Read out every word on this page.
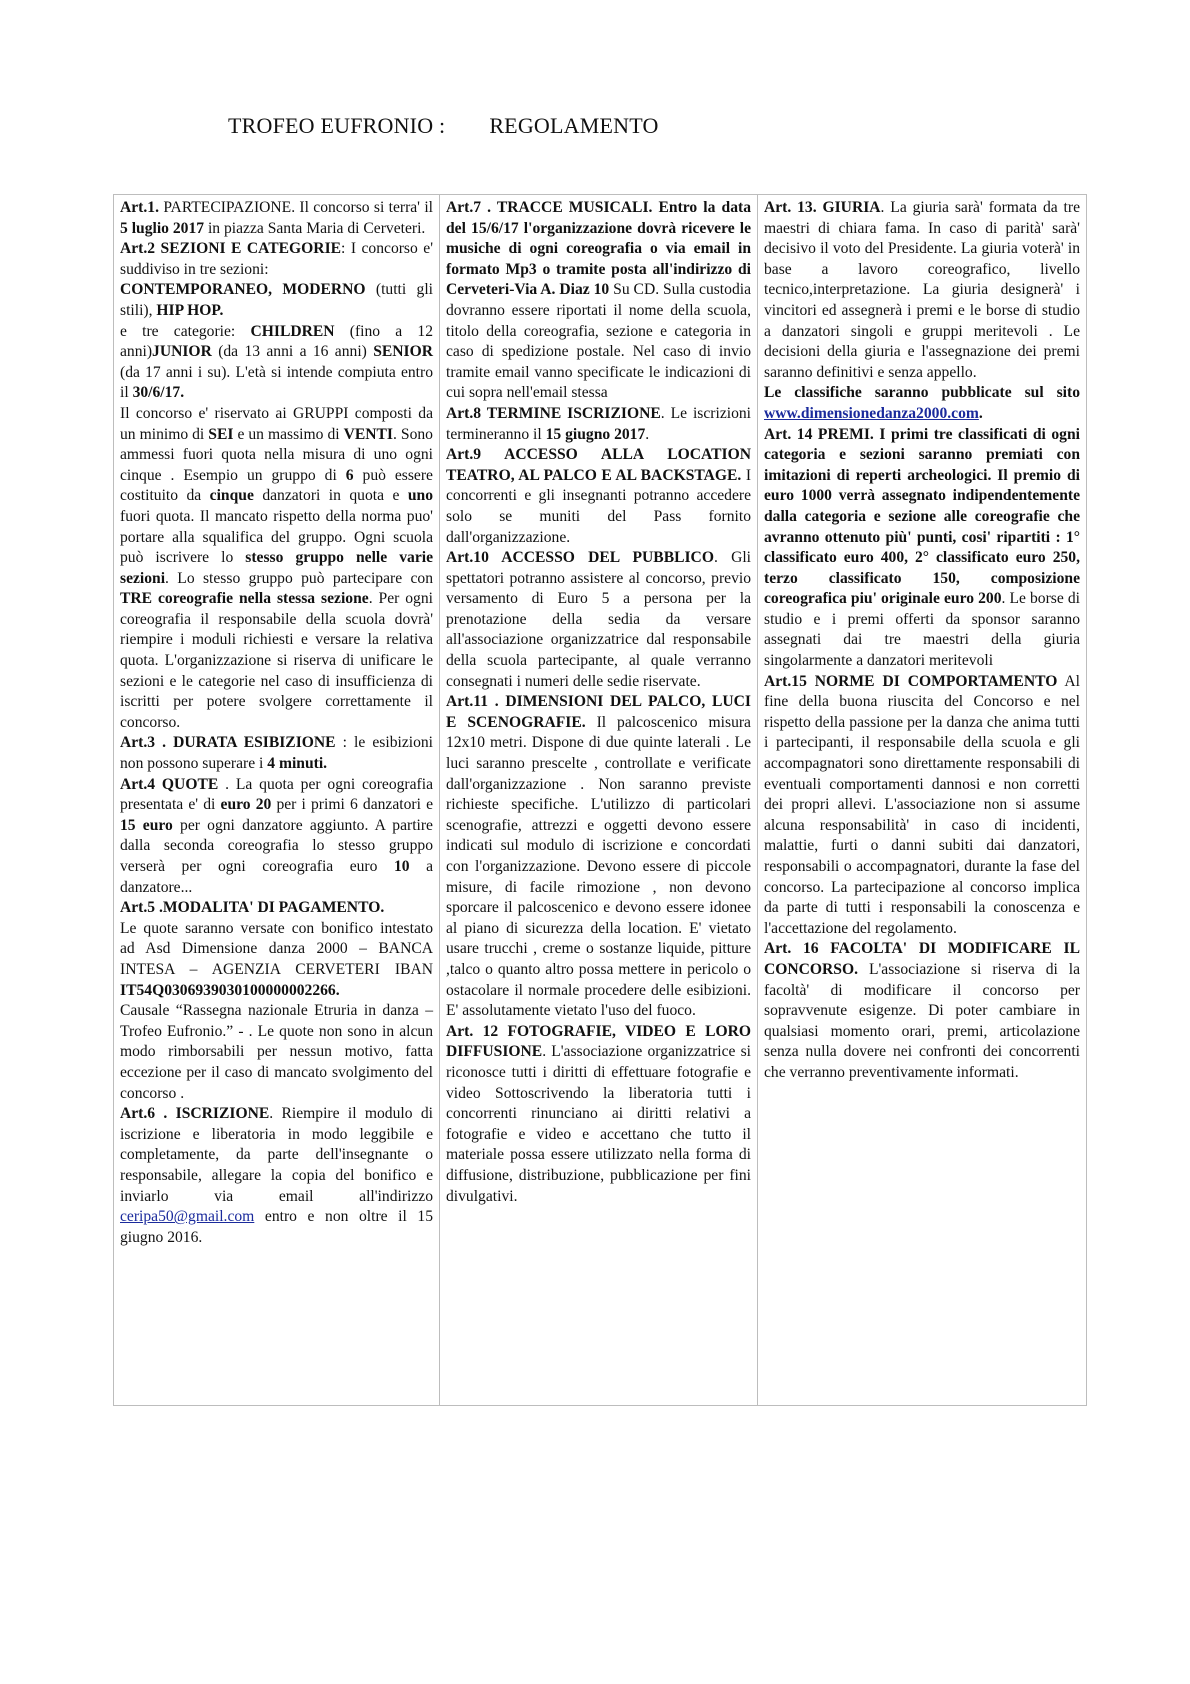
TROFEO EUFRONIO : REGOLAMENTO

Art.1. PARTECIPAZIONE. Il concorso si terra' il 5 luglio 2017 in piazza Santa Maria di Cerveteri.

Art.2 SEZIONI E CATEGORIE: I concorso e' suddiviso in tre sezioni:
CONTEMPORANEO, MODERNO (tutti gli stili), HIP HOP.
e tre categorie: CHILDREN (fino a 12 anni)JUNIOR (da 13 anni a 16 anni) SENIOR (da 17 anni i su). L'età si intende compiuta entro il 30/6/17.
Il concorso e' riservato ai GRUPPI composti da un minimo di SEI e un massimo di VENTI. Sono ammessi fuori quota nella misura di uno ogni cinque . Esempio un gruppo di 6 può essere costituito da cinque danzatori in quota e uno fuori quota. Il mancato rispetto della norma puo' portare alla squalifica del gruppo. Ogni scuola può iscrivere lo stesso gruppo nelle varie sezioni. Lo stesso gruppo può partecipare con TRE coreografie nella stessa sezione. Per ogni coreografia il responsabile della scuola dovrà' riempire i moduli richiesti e versare la relativa quota. L'organizzazione si riserva di unificare le sezioni e le categorie nel caso di insufficienza di iscritti per potere svolgere correttamente il concorso.

Art.3 . DURATA ESIBIZIONE : le esibizioni non possono superare i 4 minuti.

Art.4 QUOTE . La quota per ogni coreografia presentata e' di euro 20 per i primi 6 danzatori e 15 euro per ogni danzatore aggiunto. A partire dalla seconda coreografia lo stesso gruppo verserà per ogni coreografia euro 10 a danzatore...

Art.5 .MODALITA' DI PAGAMENTO.
Le quote saranno versate con bonifico intestato ad Asd Dimensione danza 2000 – BANCA INTESA – AGENZIA CERVETERI IBAN IT54Q0306939030100000002266.
Causale “Rassegna nazionale Etruria in danza – Trofeo Eufronio.” - . Le quote non sono in alcun modo rimborsabili per nessun motivo, fatta eccezione per il caso di mancato svolgimento del concorso .

Art.6 . ISCRIZIONE. Riempire il modulo di iscrizione e liberatoria in modo leggibile e completamente, da parte dell'insegnante o responsabile, allegare la copia del bonifico e inviarlo via email all'indirizzo ceripa50@gmail.com entro e non oltre il 15 giugno 2016.

Art.7 . TRACCE MUSICALI. Entro la data del 15/6/17 l'organizzazione dovrà ricevere le musiche di ogni coreografia o via email in formato Mp3 o tramite posta all'indirizzo di Cerveteri-Via A. Diaz 10 Su CD. Sulla custodia dovranno essere riportati il nome della scuola, titolo della coreografia, sezione e categoria in caso di spedizione postale. Nel caso di invio tramite email vanno specificate le indicazioni di cui sopra nell'email stessa

Art.8 TERMINE ISCRIZIONE. Le iscrizioni termineranno il 15 giugno 2017.

Art.9 ACCESSO ALLA LOCATION TEATRO, AL PALCO E AL BACKSTAGE. I concorrenti e gli insegnanti potranno accedere solo se muniti del Pass fornito dall'organizzazione.

Art.10 ACCESSO DEL PUBBLICO. Gli spettatori potranno assistere al concorso, previo versamento di Euro 5 a persona per la prenotazione della sedia da versare all'associazione organizzatrice dal responsabile della scuola partecipante, al quale verranno consegnati i numeri delle sedie riservate.

Art.11 . DIMENSIONI DEL PALCO, LUCI E SCENOGRAFIE. Il palcoscenico misura 12x10 metri. Dispone di due quinte laterali . Le luci saranno prescelte , controllate e verificate dall'organizzazione . Non saranno previste richieste specifiche. L'utilizzo di particolari scenografie, attrezzi e oggetti devono essere indicati sul modulo di iscrizione e concordati con l'organizzazione. Devono essere di piccole misure, di facile rimozione , non devono sporcare il palcoscenico e devono essere idonee al piano di sicurezza della location. E' vietato usare trucchi , creme o sostanze liquide, pitture ,talco o quanto altro possa mettere in pericolo o ostacolare il normale procedere delle esibizioni. E' assolutamente vietato l'uso del fuoco.

Art. 12 FOTOGRAFIE, VIDEO E LORO DIFFUSIONE. L'associazione organizzatrice si riconosce tutti i diritti di effettuare fotografie e video Sottoscrivendo la liberatoria tutti i concorrenti rinunciano ai diritti relativi a fotografie e video e accettano che tutto il materiale possa essere utilizzato nella forma di diffusione, distribuzione, pubblicazione per fini divulgativi.

Art. 13. GIURIA. La giuria sarà' formata da tre maestri di chiara fama. In caso di parità' sarà' decisivo il voto del Presidente. La giuria voterà' in base a lavoro coreografico, livello tecnico,interpretazione. La giuria designerà' i vincitori ed assegnerà i premi e le borse di studio a danzatori singoli e gruppi meritevoli . Le decisioni della giuria e l'assegnazione dei premi saranno definitivi e senza appello.
Le classifiche saranno pubblicate sul sito www.dimensionedanza2000.com.

Art. 14 PREMI. I primi tre classificati di ogni categoria e sezioni saranno premiati con imitazioni di reperti archeologici. Il premio di euro 1000 verrà assegnato indipendentemente dalla categoria e sezione alle coreografie che avranno ottenuto più' punti, cosi' ripartiti : 1° classificato euro 400, 2° classificato euro 250, terzo classificato 150, composizione coreografica piu' originale euro 200. Le borse di studio e i premi offerti da sponsor saranno assegnati dai tre maestri della giuria singolarmente a danzatori meritevoli

Art.15 NORME DI COMPORTAMENTO Al fine della buona riuscita del Concorso e nel rispetto della passione per la danza che anima tutti i partecipanti, il responsabile della scuola e gli accompagnatori sono direttamente responsabili di eventuali comportamenti dannosi e non corretti dei propri allevi. L'associazione non si assume alcuna responsabilità' in caso di incidenti, malattie, furti o danni subiti dai danzatori, responsabili o accompagnatori, durante la fase del concorso. La partecipazione al concorso implica da parte di tutti i responsabili la conoscenza e l'accettazione del regolamento.

Art. 16 FACOLTA' DI MODIFICARE IL CONCORSO. L'associazione si riserva di la facoltà' di modificare il concorso per sopravvenute esigenze. Di poter cambiare in qualsiasi momento orari, premi, articolazione senza nulla dovere nei confronti dei concorrenti che verranno preventivamente informati.
